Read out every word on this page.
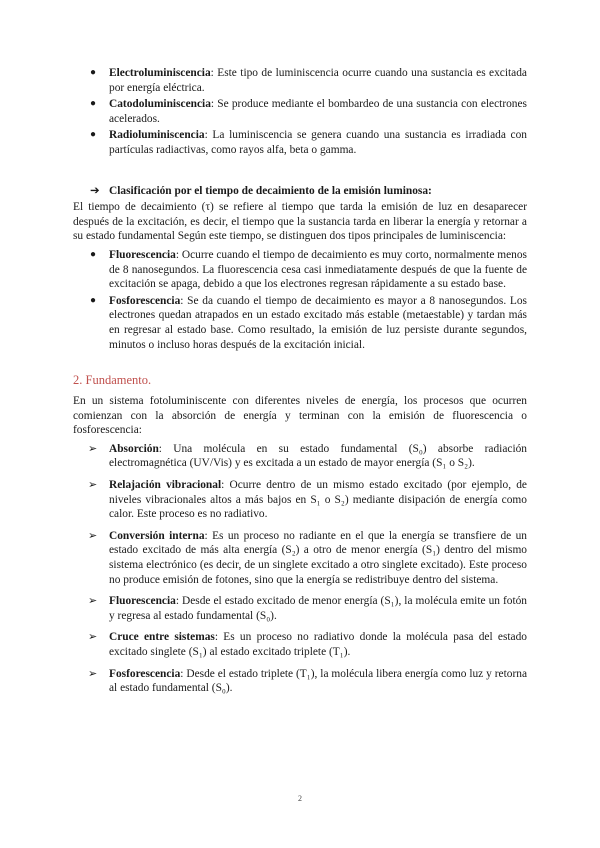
● Electroluminiscencia: Este tipo de luminiscencia ocurre cuando una sustancia es excitada por energía eléctrica.
● Catodoluminiscencia: Se produce mediante el bombardeo de una sustancia con electrones acelerados.
● Radioluminiscencia: La luminiscencia se genera cuando una sustancia es irradiada con partículas radiactivas, como rayos alfa, beta o gamma.
➔ Clasificación por el tiempo de decaimiento de la emisión luminosa:

El tiempo de decaimiento (τ) se refiere al tiempo que tarda la emisión de luz en desaparecer después de la excitación, es decir, el tiempo que la sustancia tarda en liberar la energía y retornar a su estado fundamental Según este tiempo, se distinguen dos tipos principales de luminiscencia:

● Fluorescencia: Ocurre cuando el tiempo de decaimiento es muy corto, normalmente menos de 8 nanosegundos. La fluorescencia cesa casi inmediatamente después de que la fuente de excitación se apaga, debido a que los electrones regresan rápidamente a su estado base.
● Fosforescencia: Se da cuando el tiempo de decaimiento es mayor a 8 nanosegundos. Los electrones quedan atrapados en un estado excitado más estable (metaestable) y tardan más en regresar al estado base. Como resultado, la emisión de luz persiste durante segundos, minutos o incluso horas después de la excitación inicial.
2. Fundamento.

En un sistema fotoluminiscente con diferentes niveles de energía, los procesos que ocurren comienzan con la absorción de energía y terminan con la emisión de fluorescencia o fosforescencia:

➢ Absorción: Una molécula en su estado fundamental (S₀) absorbe radiación electromagnética (UV/Vis) y es excitada a un estado de mayor energía (S₁ o S₂).
➢ Relajación vibracional: Ocurre dentro de un mismo estado excitado (por ejemplo, de niveles vibracionales altos a más bajos en S₁ o S₂) mediante disipación de energía como calor. Este proceso es no radiativo.
➢ Conversión interna: Es un proceso no radiante en el que la energía se transfiere de un estado excitado de más alta energía (S₂) a otro de menor energía (S₁) dentro del mismo sistema electrónico (es decir, de un singlete excitado a otro singlete excitado). Este proceso no produce emisión de fotones, sino que la energía se redistribuye dentro del sistema.
➢ Fluorescencia: Desde el estado excitado de menor energía (S₁), la molécula emite un fotón y regresa al estado fundamental (S₀).
➢ Cruce entre sistemas: Es un proceso no radiativo donde la molécula pasa del estado excitado singlete (S₁) al estado excitado triplete (T₁).
➢ Fosforescencia: Desde el estado triplete (T₁), la molécula libera energía como luz y retorna al estado fundamental (S₀).
2
